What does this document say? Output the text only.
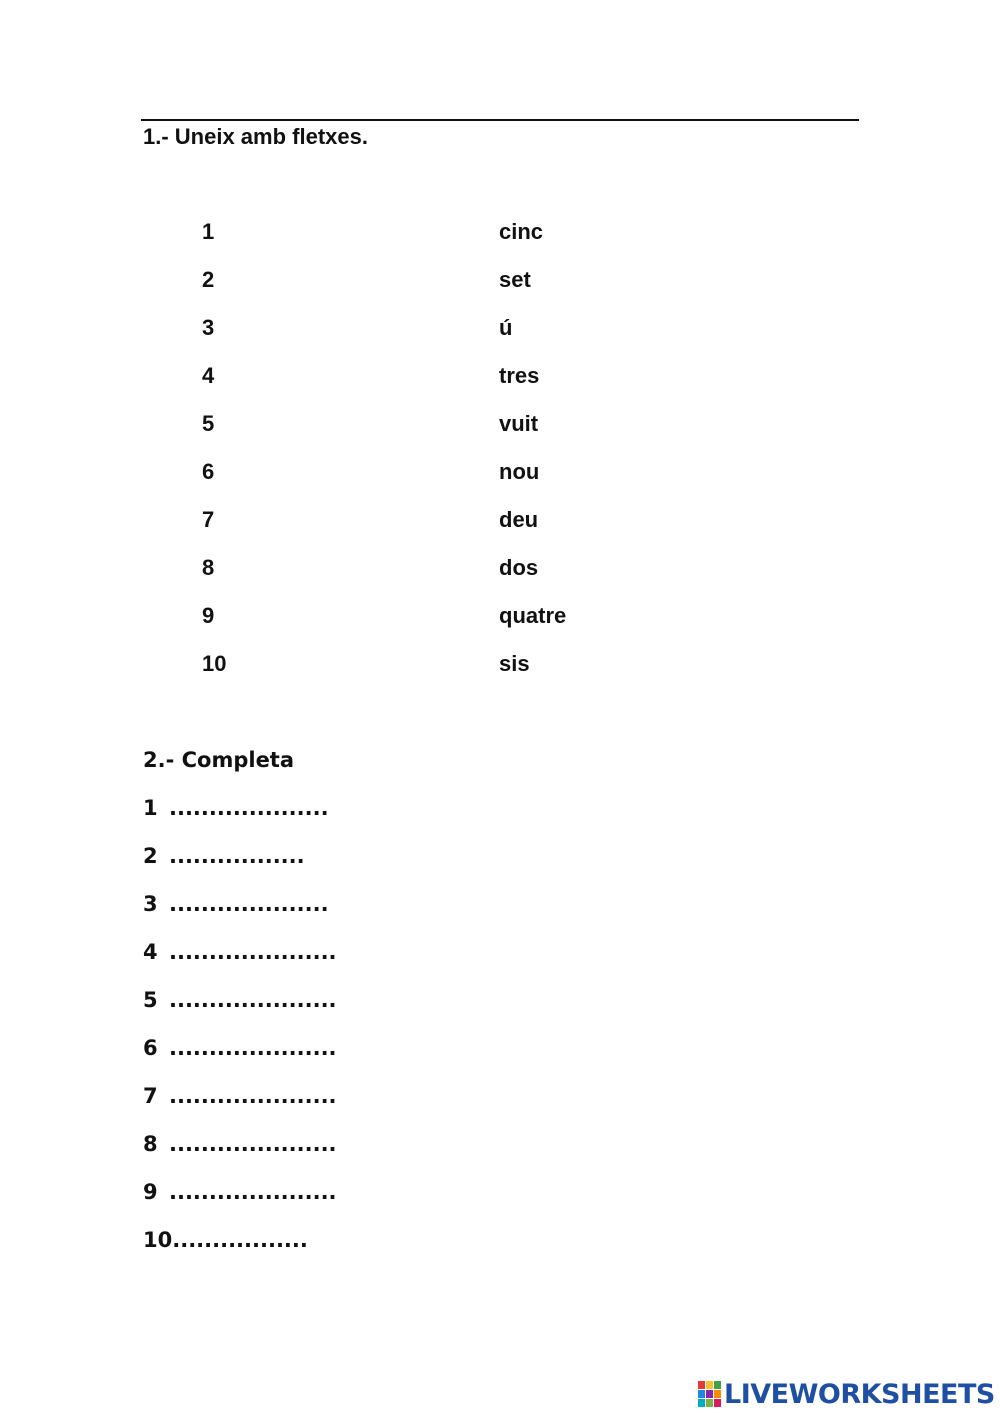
1.- Uneix amb fletxes.
1	cinc
2	set
3	ú
4	tres
5	vuit
6	nou
7	deu
8	dos
9	quatre
10	sis
2.- Completa
1 ....................
2 .................
3 ....................
4 .....................
5 .....................
6 .....................
7 .....................
8 .....................
9 .....................
10.................
LIVEWORKSHEETS
